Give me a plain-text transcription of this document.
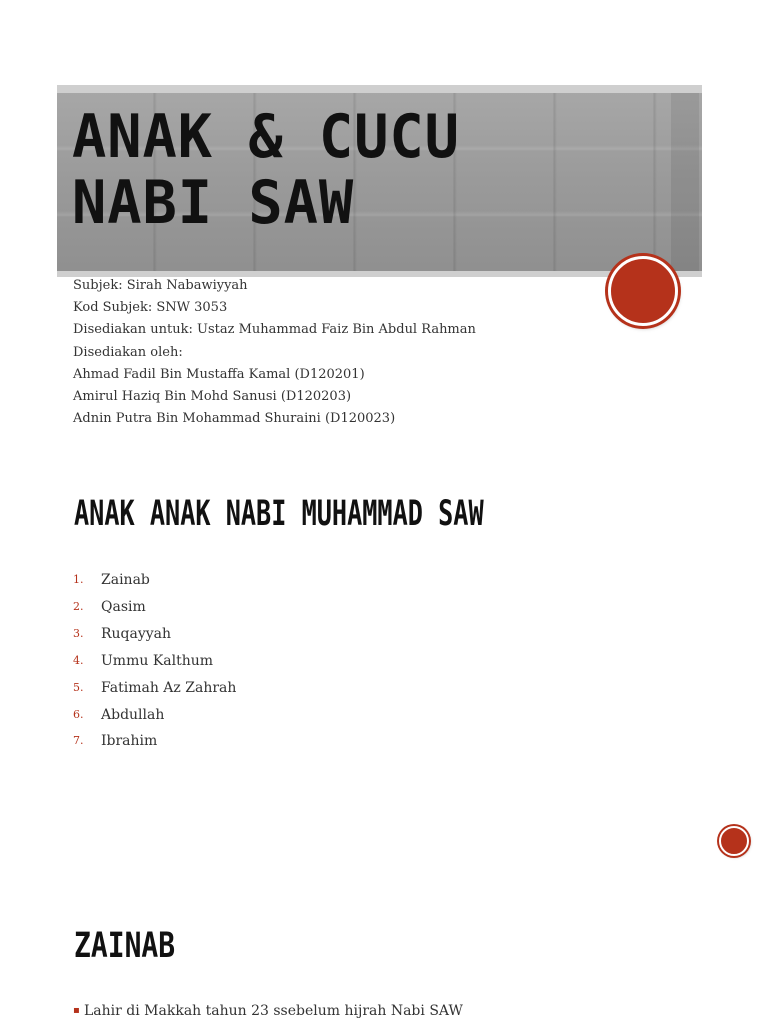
ANAK & CUCU NABI SAW
Subjek: Sirah Nabawiyyah
Kod Subjek: SNW 3053
Disediakan untuk: Ustaz Muhammad Faiz Bin Abdul Rahman
Disediakan oleh:
Ahmad Fadil Bin Mustaffa Kamal (D120201)
Amirul Haziq Bin Mohd Sanusi (D120203)
Adnin Putra Bin Mohammad Shuraini (D120023)
ANAK ANAK NABI MUHAMMAD SAW
1.	Zainab
2.	Qasim
3.	Ruqayyah
4.	Ummu Kalthum
5.	Fatimah Az Zahrah
6.	Abdullah
7.	Ibrahim
ZAINAB
▪ Lahir di Makkah tahun 23 ssebelum hijrah Nabi SAW
